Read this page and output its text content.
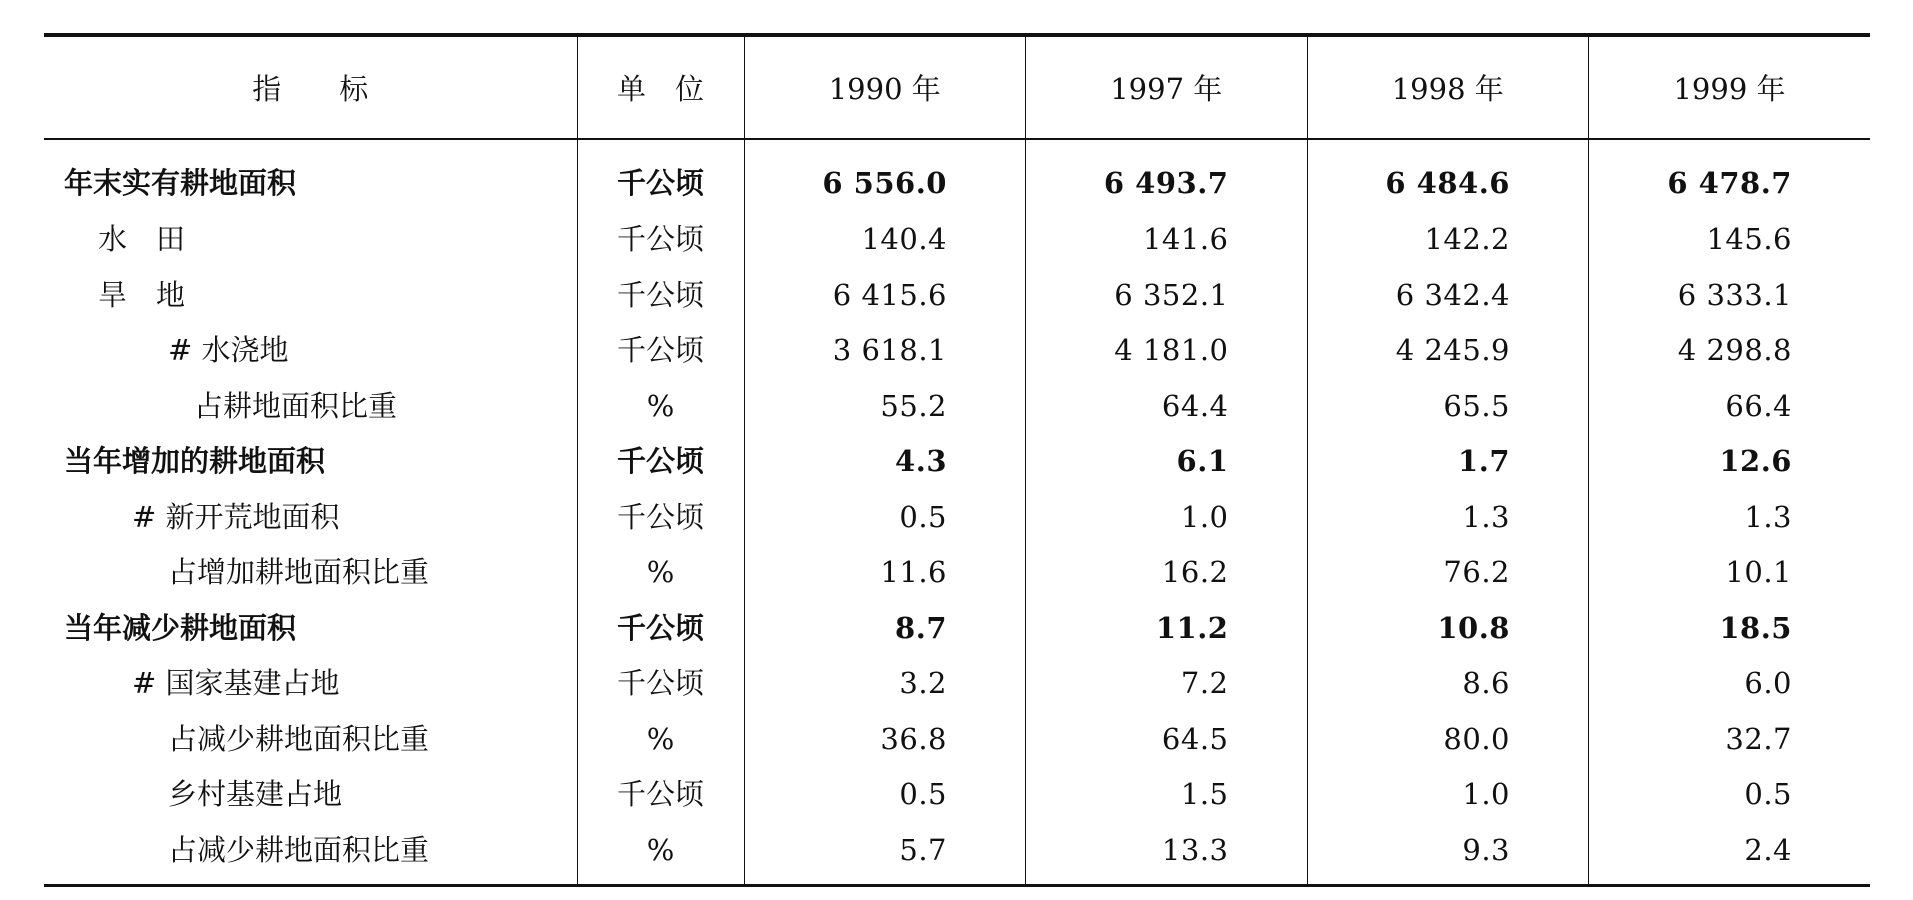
指　　标	单　位	1990 年	1997 年	1998 年	1999 年
年末实有耕地面积	千公顷	6 556.0	6 493.7	6 484.6	6 478.7
水　田	千公顷	140.4	141.6	142.2	145.6
旱　地	千公顷	6 415.6	6 352.1	6 342.4	6 333.1
# 水浇地	千公顷	3 618.1	4 181.0	4 245.9	4 298.8
占耕地面积比重	%	55.2	64.4	65.5	66.4
当年增加的耕地面积	千公顷	4.3	6.1	1.7	12.6
# 新开荒地面积	千公顷	0.5	1.0	1.3	1.3
占增加耕地面积比重	%	11.6	16.2	76.2	10.1
当年减少耕地面积	千公顷	8.7	11.2	10.8	18.5
# 国家基建占地	千公顷	3.2	7.2	8.6	6.0
占减少耕地面积比重	%	36.8	64.5	80.0	32.7
乡村基建占地	千公顷	0.5	1.5	1.0	0.5
占减少耕地面积比重	%	5.7	13.3	9.3	2.4
